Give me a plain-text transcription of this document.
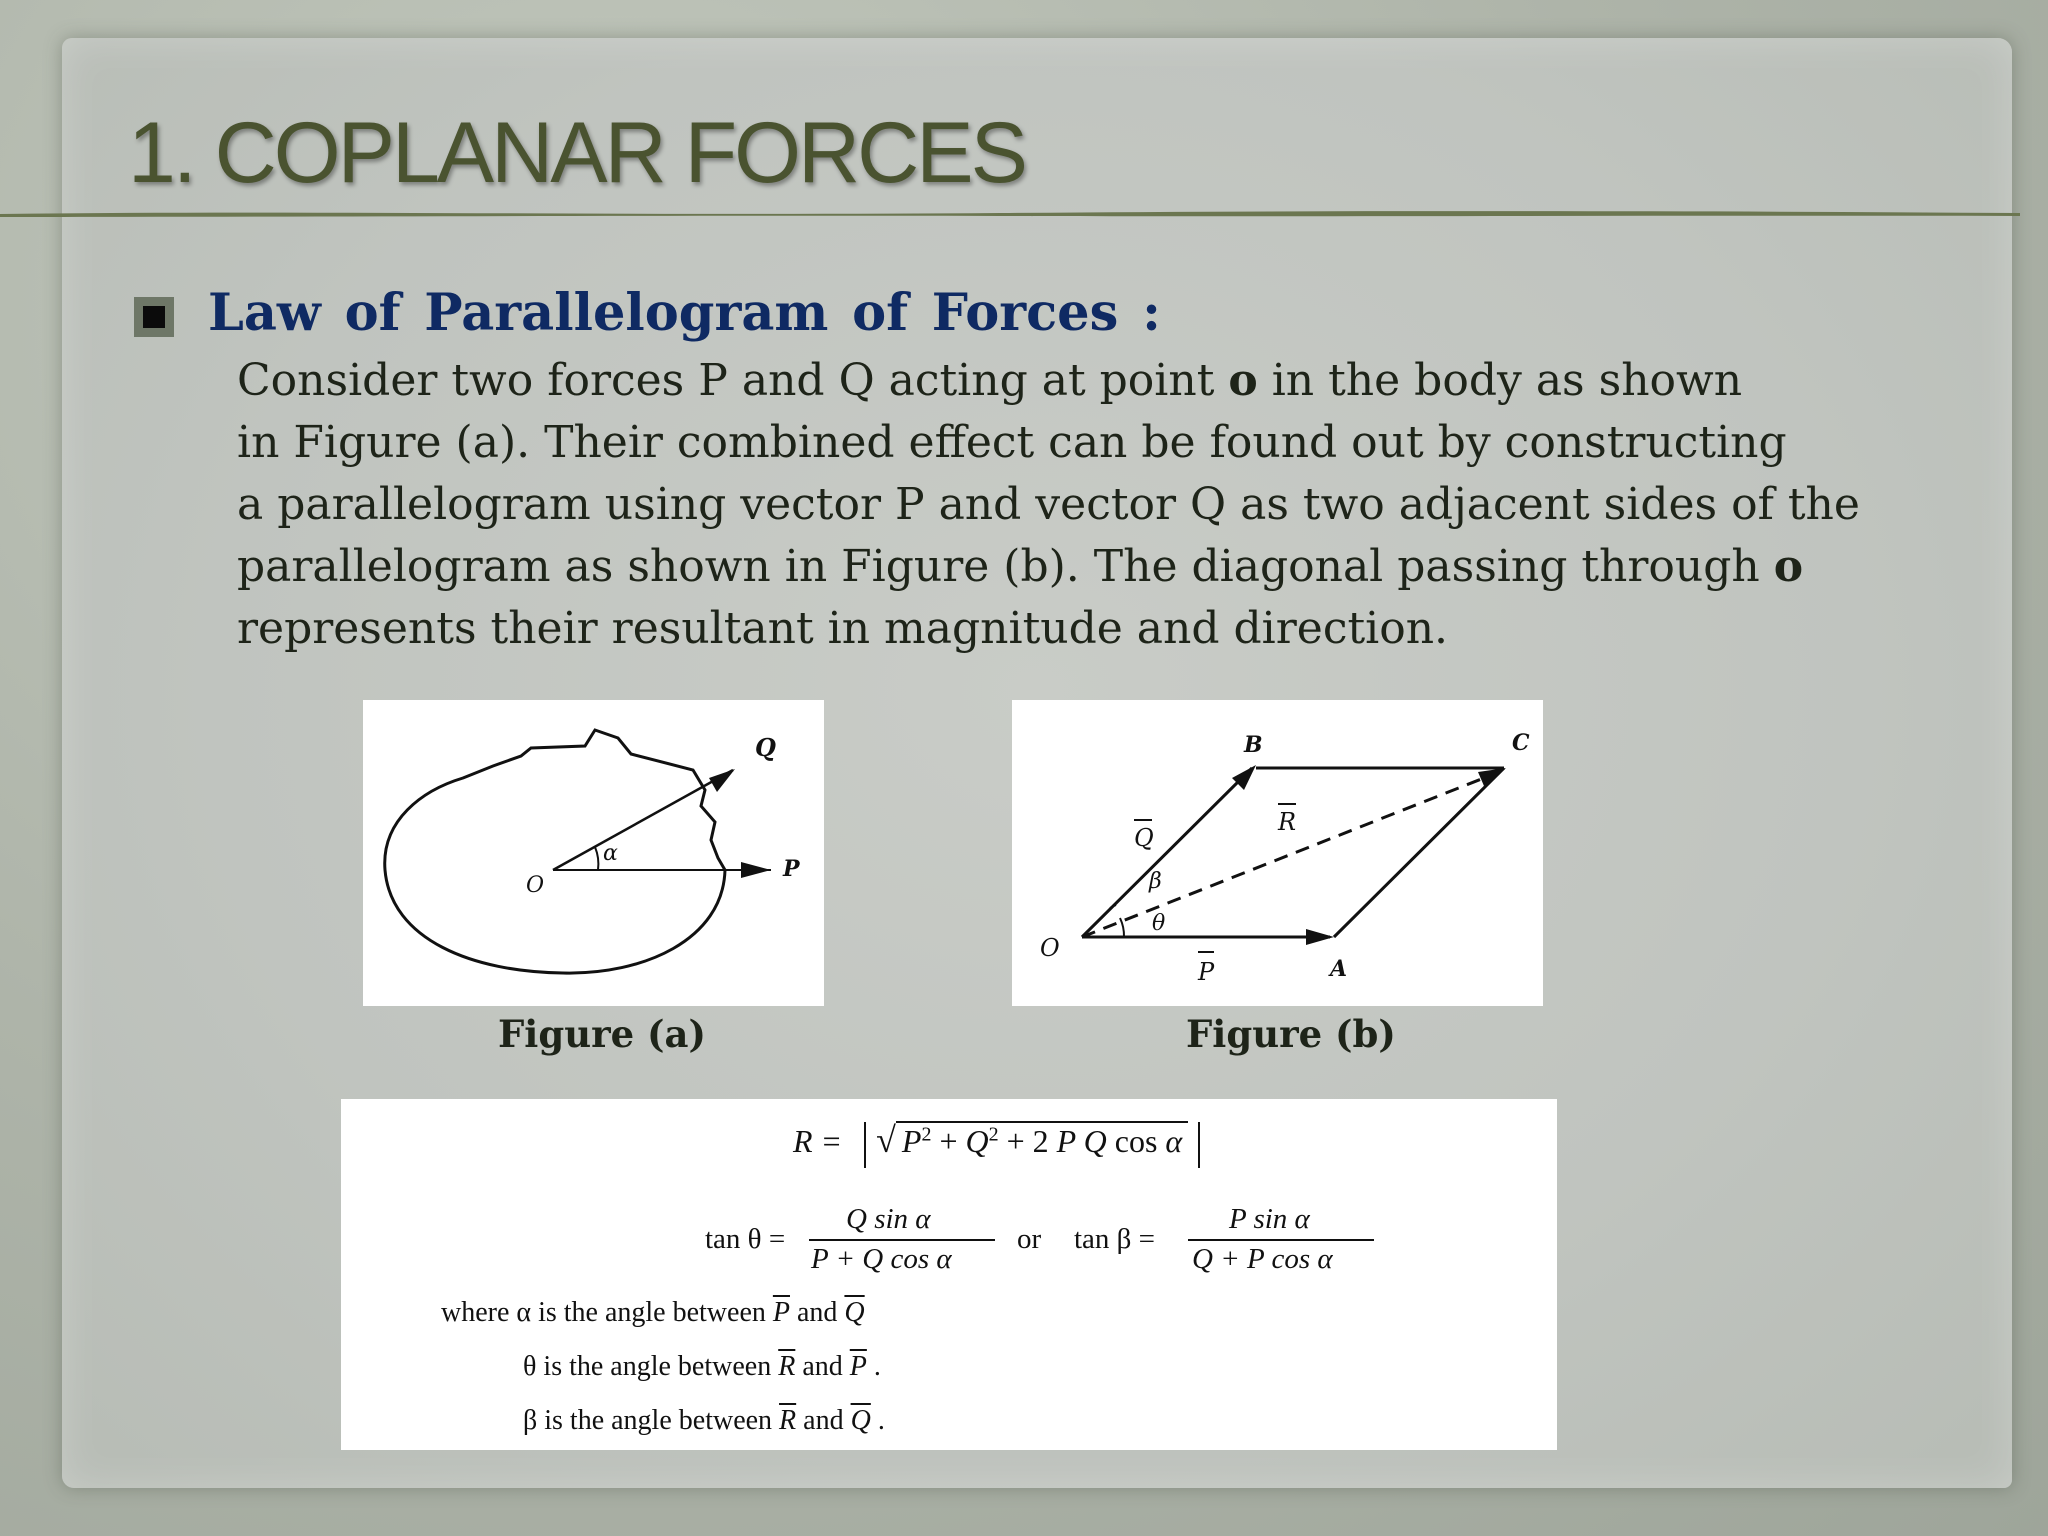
1. COPLANAR FORCES
Law of Parallelogram of Forces :
Consider two forces P and Q acting at point o in the body as shown
in Figure (a). Their combined effect can be found out by constructing
a parallelogram using vector P and vector Q as two adjacent sides of the
parallelogram as shown in Figure (b). The diagonal passing through o
represents their resultant in magnitude and direction.
α
O
P
Q
Figure (a)
B	C
A
O
P
Q
R
β
θ
Figure (b)
R = √ $P^2 + Q^2 + 2$ P Q cos α
tan θ =
Q sin α
P + Q cos α
or tan β =
P sin α
Q + P cos α
where α is the angle between $\overline{P}$ and $\overline{Q}$
θ is the angle between $\overline{R}$ and $\overline{P}$ .
β is the angle between $\overline{R}$ and $\overline{Q}$ .
